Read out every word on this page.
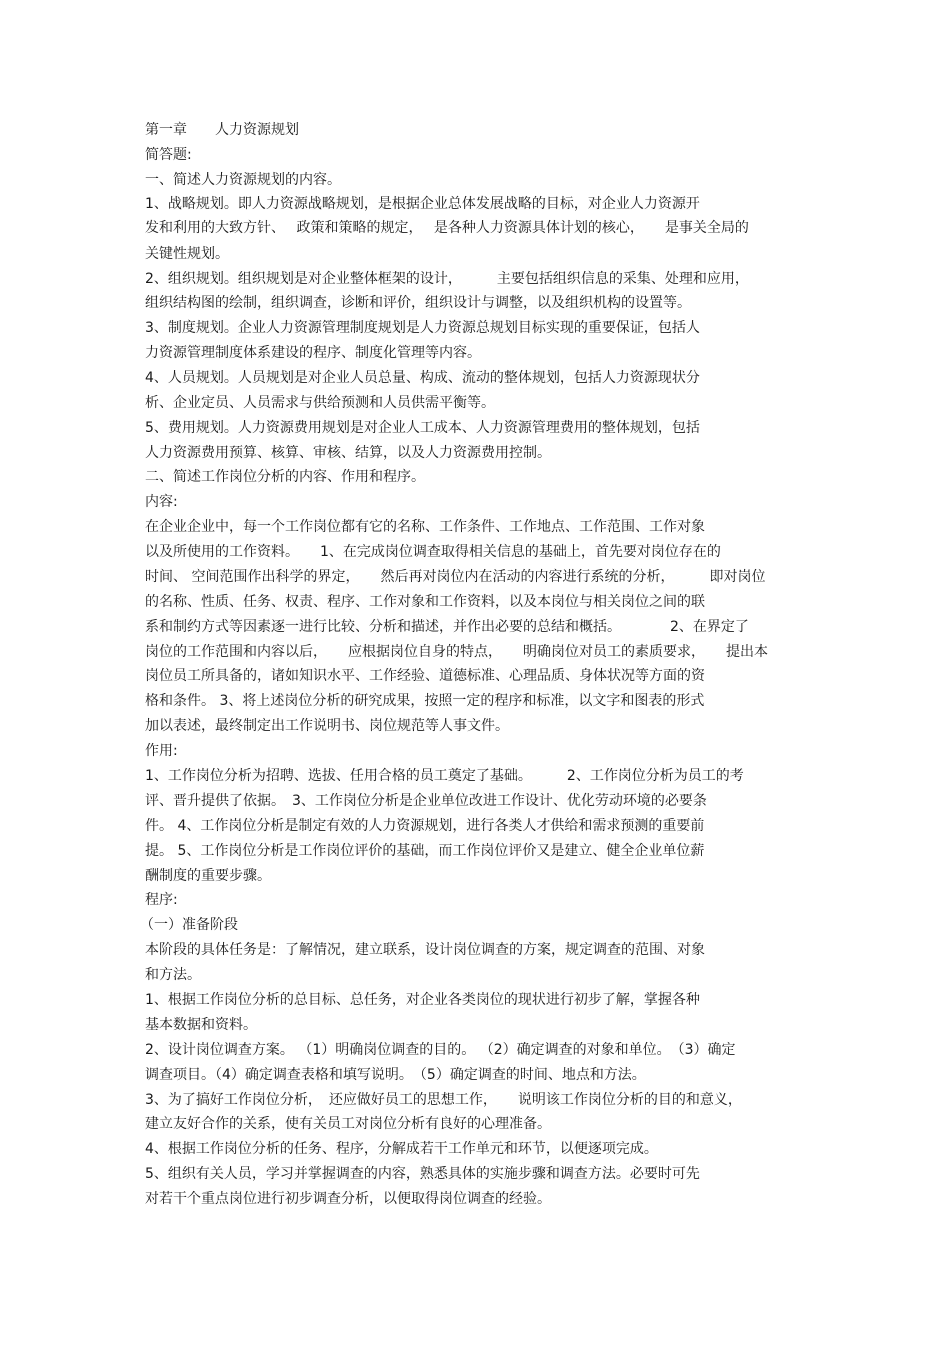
第一章　　人力资源规划
简答题:
一、简述人力资源规划的内容。
1、战略规划。即人力资源战略规划，是根据企业总体发展战略的目标，对企业人力资源开
发和利用的大致方针、　 政策和策略的规定，　 是各种人力资源具体计划的核心，　　是事关全局的
关键性规划。
2、组织规划。组织规划是对企业整体框架的设计，　　　主要包括组织信息的采集、处理和应用，
组织结构图的绘制，组织调查，诊断和评价，组织设计与调整，以及组织机构的设置等。
3、制度规划。企业人力资源管理制度规划是人力资源总规划目标实现的重要保证，包括人
力资源管理制度体系建设的程序、制度化管理等内容。
4、人员规划。人员规划是对企业人员总量、构成、流动的整体规划，包括人力资源现状分
析、企业定员、人员需求与供给预测和人员供需平衡等。
5、费用规划。人力资源费用规划是对企业人工成本、人力资源管理费用的整体规划，包括
人力资源费用预算、核算、审核、结算，以及人力资源费用控制。
二、简述工作岗位分析的内容、作用和程序。
内容:
在企业企业中，每一个工作岗位都有它的名称、工作条件、工作地点、工作范围、工作对象
以及所使用的工作资料。　　1、在完成岗位调查取得相关信息的基础上，首先要对岗位存在的
时间、 空间范围作出科学的界定，　　然后再对岗位内在活动的内容进行系统的分析，　　　即对岗位
的名称、性质、任务、权责、程序、工作对象和工作资料，以及本岗位与相关岗位之间的联
系和制约方式等因素逐一进行比较、分析和描述，并作出必要的总结和概括。　　　　2、在界定了
岗位的工作范围和内容以后，　　应根据岗位自身的特点，　　明确岗位对员工的素质要求，　　提出本
岗位员工所具备的，诸如知识水平、工作经验、道德标准、心理品质、身体状况等方面的资
格和条件。 3、将上述岗位分析的研究成果，按照一定的程序和标准，以文字和图表的形式
加以表述，最终制定出工作说明书、岗位规范等人事文件。
作用:
1、工作岗位分析为招聘、选拔、任用合格的员工奠定了基础。　　　2、工作岗位分析为员工的考
评、晋升提供了依据。　3、工作岗位分析是企业单位改进工作设计、优化劳动环境的必要条
件。 4、工作岗位分析是制定有效的人力资源规划，进行各类人才供给和需求预测的重要前
提。 5、工作岗位分析是工作岗位评价的基础，而工作岗位评价又是建立、健全企业单位薪
酬制度的重要步骤。
程序:
（一）准备阶段
本阶段的具体任务是：了解情况，建立联系，设计岗位调查的方案，规定调查的范围、对象
和方法。
1、根据工作岗位分析的总目标、总任务，对企业各类岗位的现状进行初步了解，掌握各种
基本数据和资料。
2、设计岗位调查方案。 （1）明确岗位调查的目的。 （2）确定调查的对象和单位。　（3）确定
调查项目。（4）确定调查表格和填写说明。　（5）确定调查的时间、地点和方法。
3、为了搞好工作岗位分析，　还应做好员工的思想工作，　　说明该工作岗位分析的目的和意义，
建立友好合作的关系，使有关员工对岗位分析有良好的心理准备。
4、根据工作岗位分析的任务、程序，分解成若干工作单元和环节，以便逐项完成。
5、组织有关人员，学习并掌握调查的内容，熟悉具体的实施步骤和调查方法。必要时可先
对若干个重点岗位进行初步调查分析，以便取得岗位调查的经验。
